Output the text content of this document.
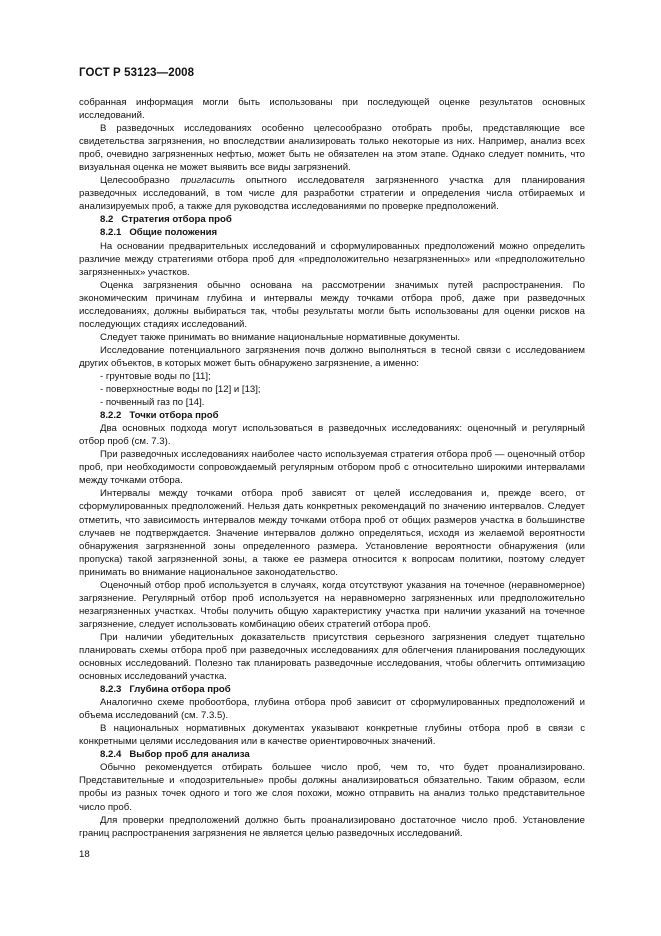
ГОСТ Р 53123—2008

собранная информация могли быть использованы при последующей оценке результатов основных исследований.

В разведочных исследованиях особенно целесообразно отобрать пробы, представляющие все свидетельства загрязнения, но впоследствии анализировать только некоторые из них. Например, анализ всех проб, очевидно загрязненных нефтью, может быть не обязателен на этом этапе. Однако следует помнить, что визуальная оценка не может выявить все виды загрязнений.

Целесообразно пригласить опытного исследователя загрязненного участка для планирования разведочных исследований, в том числе для разработки стратегии и определения числа отбираемых и анализируемых проб, а также для руководства исследованиями по проверке предположений.

8.2 Стратегия отбора проб

8.2.1 Общие положения

На основании предварительных исследований и сформулированных предположений можно определить различие между стратегиями отбора проб для «предположительно незагрязненных» или «предположительно загрязненных» участков.

Оценка загрязнения обычно основана на рассмотрении значимых путей распространения. По экономическим причинам глубина и интервалы между точками отбора проб, даже при разведочных исследованиях, должны выбираться так, чтобы результаты могли быть использованы для оценки рисков на последующих стадиях исследований.

Следует также принимать во внимание национальные нормативные документы.

Исследование потенциального загрязнения почв должно выполняться в тесной связи с исследованием других объектов, в которых может быть обнаружено загрязнение, а именно:

- грунтовые воды по [11];

- поверхностные воды по [12] и [13];

- почвенный газ по [14].

8.2.2 Точки отбора проб

Два основных подхода могут использоваться в разведочных исследованиях: оценочный и регулярный отбор проб (см. 7.3).

При разведочных исследованиях наиболее часто используемая стратегия отбора проб — оценочный отбор проб, при необходимости сопровождаемый регулярным отбором проб с относительно широкими интервалами между точками отбора.

Интервалы между точками отбора проб зависят от целей исследования и, прежде всего, от сформулированных предположений. Нельзя дать конкретных рекомендаций по значению интервалов. Следует отметить, что зависимость интервалов между точками отбора проб от общих размеров участка в большинстве случаев не подтверждается. Значение интервалов должно определяться, исходя из желаемой вероятности обнаружения загрязненной зоны определенного размера. Установление вероятности обнаружения (или пропуска) такой загрязненной зоны, а также ее размера относится к вопросам политики, поэтому следует принимать во внимание национальное законодательство.

Оценочный отбор проб используется в случаях, когда отсутствуют указания на точечное (неравномерное) загрязнение. Регулярный отбор проб используется на неравномерно загрязненных или предположительно незагрязненных участках. Чтобы получить общую характеристику участка при наличии указаний на точечное загрязнение, следует использовать комбинацию обеих стратегий отбора проб.

При наличии убедительных доказательств присутствия серьезного загрязнения следует тщательно планировать схемы отбора проб при разведочных исследованиях для облегчения планирования последующих основных исследований. Полезно так планировать разведочные исследования, чтобы облегчить оптимизацию основных исследований участка.

8.2.3 Глубина отбора проб

Аналогично схеме пробоотбора, глубина отбора проб зависит от сформулированных предположений и объема исследований (см. 7.3.5).

В национальных нормативных документах указывают конкретные глубины отбора проб в связи с конкретными целями исследования или в качестве ориентировочных значений.

8.2.4 Выбор проб для анализа

Обычно рекомендуется отбирать большее число проб, чем то, что будет проанализировано. Представительные и «подозрительные» пробы должны анализироваться обязательно. Таким образом, если пробы из разных точек одного и того же слоя похожи, можно отправить на анализ только представительное число проб.

Для проверки предположений должно быть проанализировано достаточное число проб. Установление границ распространения загрязнения не является целью разведочных исследований.

18
